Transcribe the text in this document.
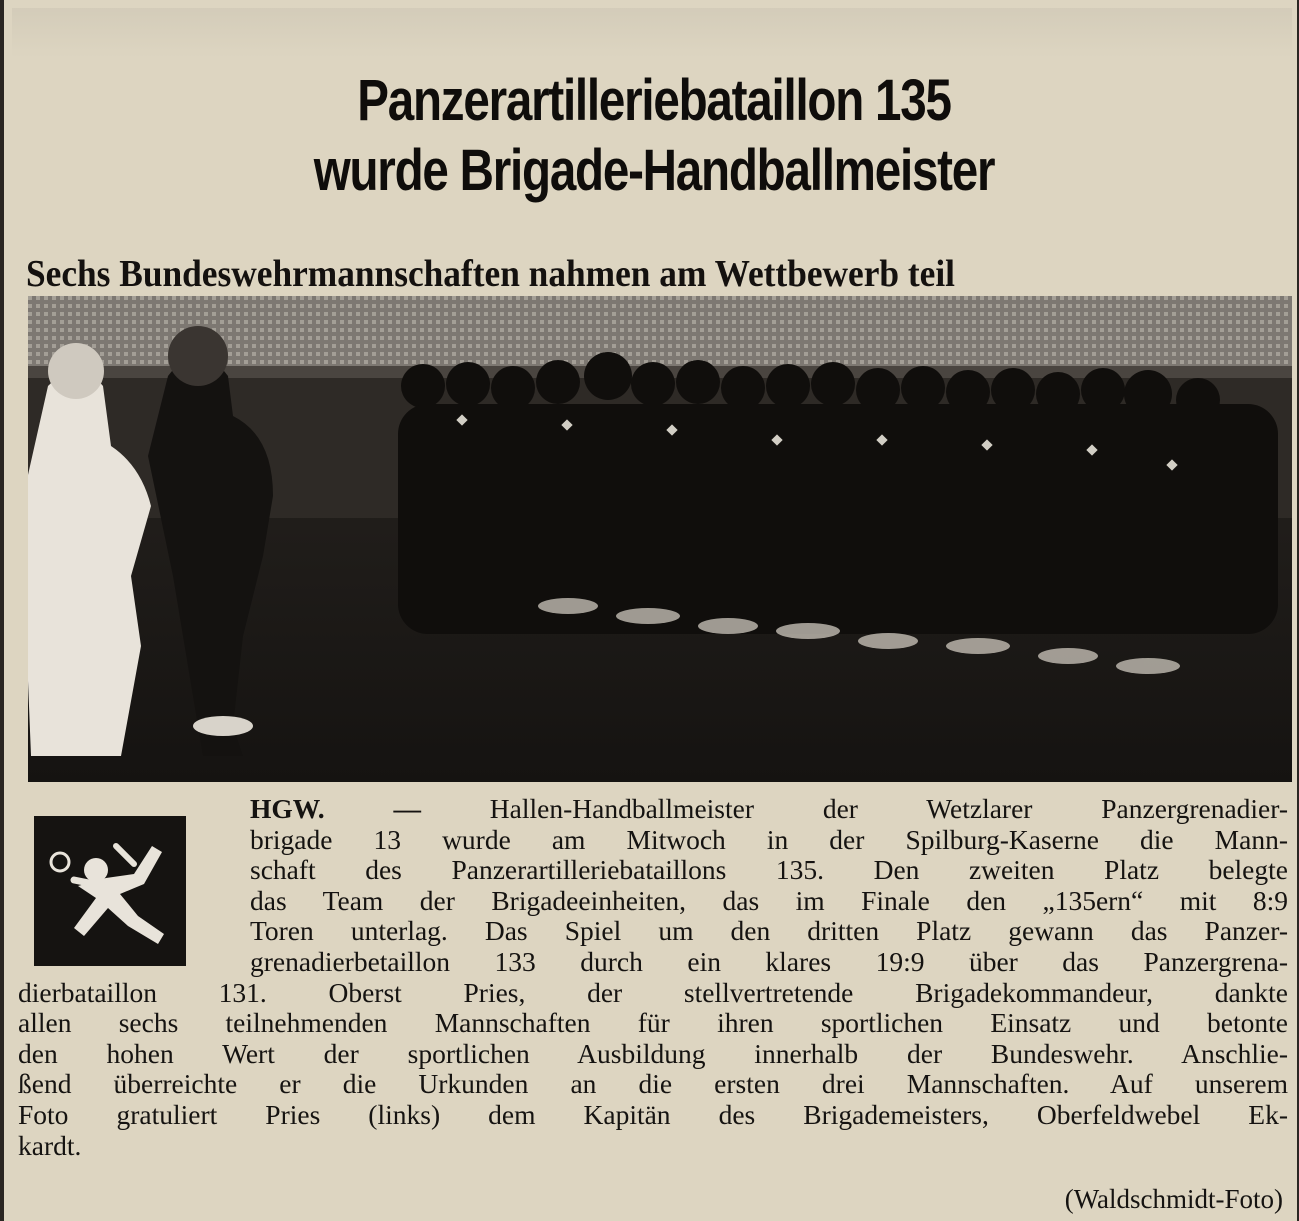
Panzerartilleriebataillon 135
wurde Brigade-Handballmeister
Sechs Bundeswehrmannschaften nahmen am Wettbewerb teil
HGW. —	Hallen-Handballmeister der Wetzlarer Panzergrenadier-
brigade 13 wurde am Mitwoch in der Spilburg-Kaserne die Mann-
schaft des Panzerartilleriebataillons 135. Den zweiten Platz belegte
das Team der Brigadeeinheiten, das im Finale den „135ern“ mit 8:9
Toren unterlag. Das Spiel um den dritten Platz gewann das Panzer-
grenadierbetaillon 133 durch ein klares 19:9 über das Panzergrena-
dierbataillon 131. Oberst Pries, der stellvertretende Brigadekommandeur, dankte
allen sechs teilnehmenden Mannschaften für ihren sportlichen Einsatz und betonte
den hohen Wert der sportlichen Ausbildung innerhalb der Bundeswehr. Anschlie-
ßend überreichte er die Urkunden an die ersten drei Mannschaften. Auf unserem
Foto gratuliert Pries (links) dem Kapitän des Brigademeisters, Oberfeldwebel Ek-
kardt.
(Waldschmidt-Foto)
